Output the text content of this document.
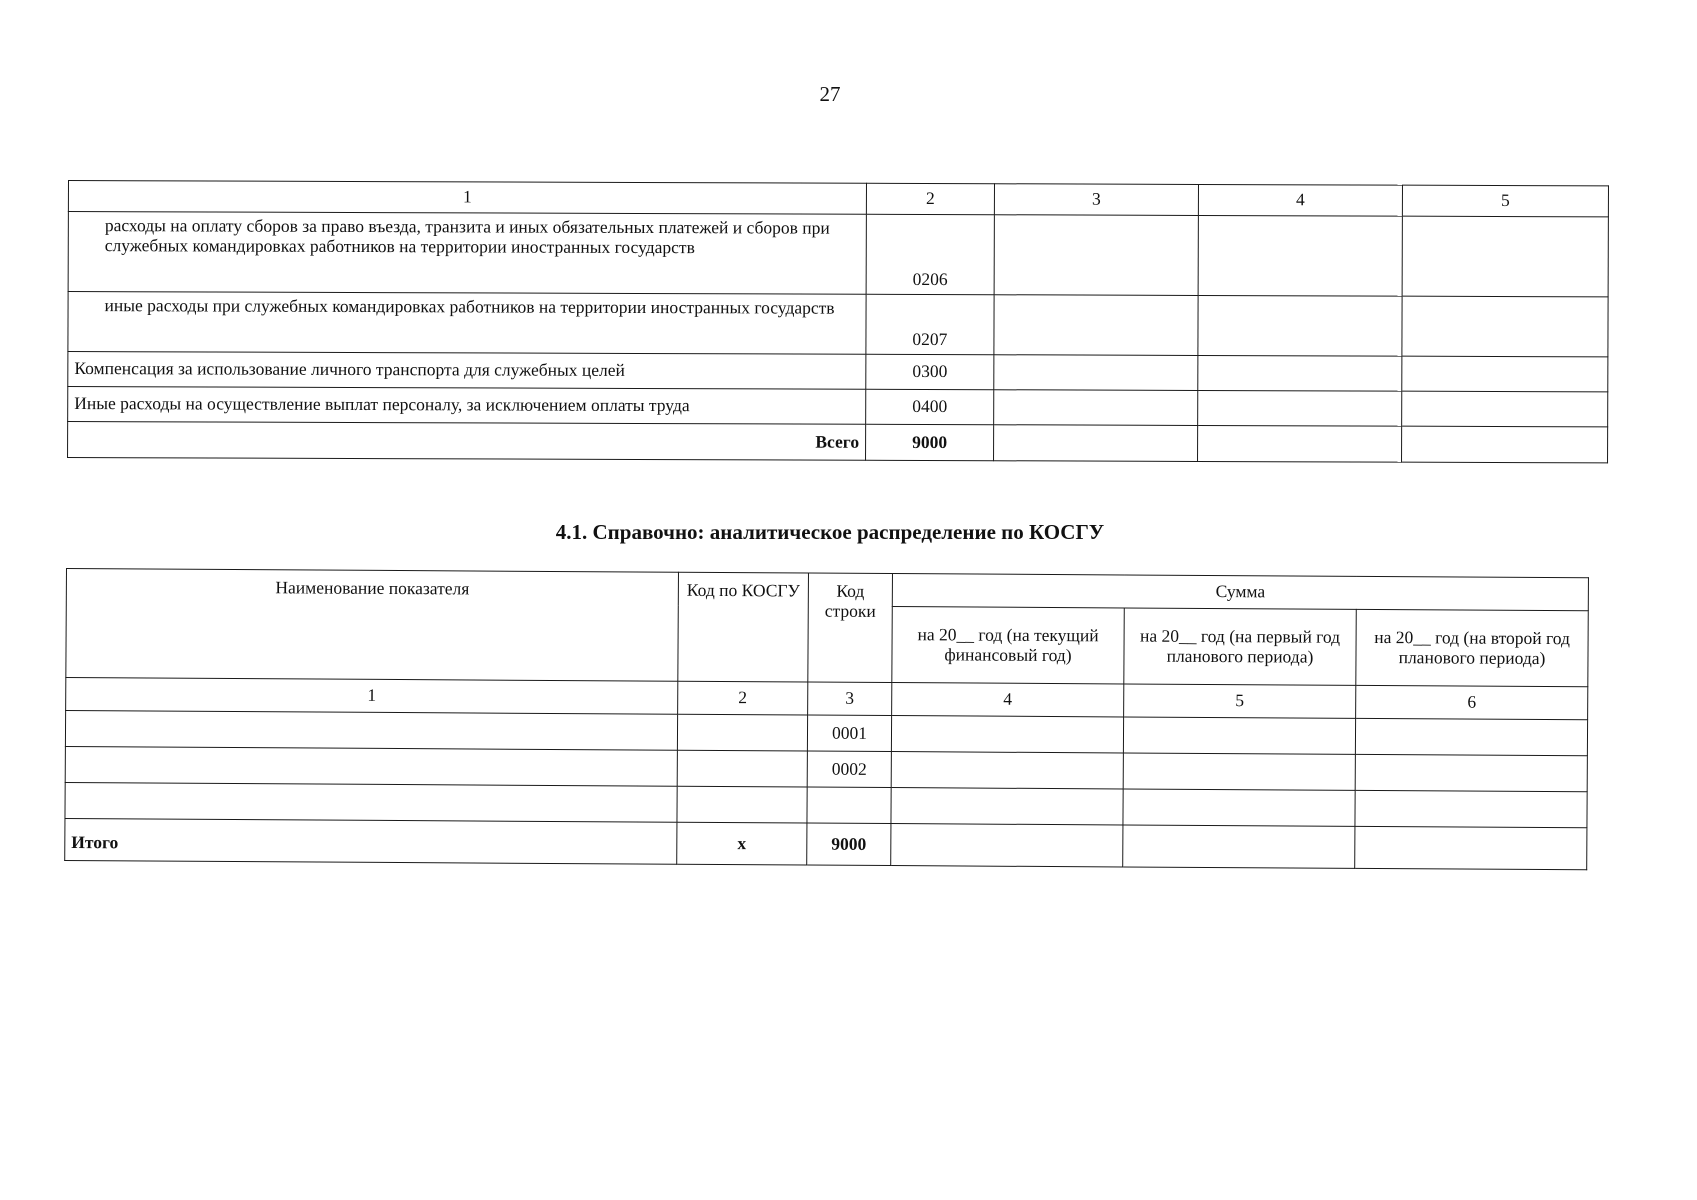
27
1	2	3	4	5
расходы на оплату сборов за право въезда, транзита и иных обязательных платежей и сборов при служебных командировках работников на территории иностранных государств	0206			
иные расходы при служебных командировках работников на территории иностранных государств	0207			
Компенсация за использование личного транспорта для служебных целей	0300			
Иные расходы на осуществление выплат персоналу, за исключением оплаты труда	0400			
Всего	9000			
4.1. Справочно: аналитическое распределение по КОСГУ
Наименование показателя	Код по КОСГУ	Код строки	Сумма		
			на 20__ год (на текущий финансовый год)	на 20__ год (на первый год планового периода)	на 20__ год (на второй год планового периода)
1	2	3	4	5	6
		0001			
		0002			

Итого	x	9000			
